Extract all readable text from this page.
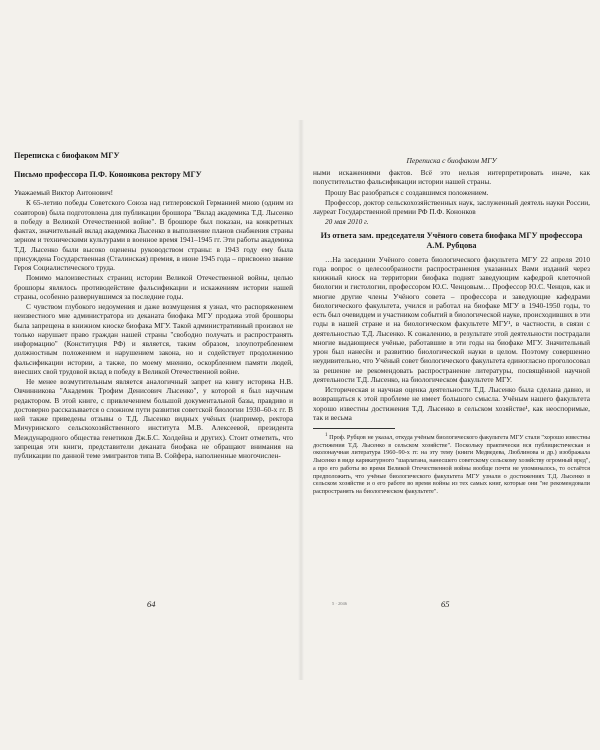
Переписка с биофаком МГУ
Письмо профессора П.Ф. Кононкова ректору МГУ

Уважаемый Виктор Антонович!

К 65-летию победы Советского Союза над гитлеровской Германией мною (одним из соавторов) была подготовлена для публикации брошюра "Вклад академика Т.Д. Лысенко в победу в Великой Отечественной войне". В брошюре был показан, на конкретных фактах, значительный вклад академика Лысенко в выполнение планов снабжения страны зерном и техническими культурами в военное время 1941–1945 гг. Эти работы академика Т.Д. Лысенко были высоко оценены руководством страны: в 1943 году ему была присуждена Государственная (Сталинская) премия, в июне 1945 года – присвоено звание Героя Социалистического труда.

Помимо малоизвестных страниц истории Великой Отечественной войны, целью брошюры являлось противодействие фальсификации и искажениям истории нашей страны, особенно развернувшимся за последние годы.

С чувством глубокого недоумения и даже возмущения я узнал, что распоряжением неизвестного мне администратора из деканата биофака МГУ продажа этой брошюры была запрещена в книжном киоске биофака МГУ. Такой административный произвол не только нарушает право граждан нашей страны "свободно получать и распространять информацию" (Конституция РФ) и является, таким образом, злоупотреблением должностным положением и нарушением закона, но и содействует продолжению фальсификации истории, а также, по моему мнению, оскорблением памяти людей, внесших свой трудовой вклад в победу в Великой Отечественной войне.

Не менее возмутительным является аналогичный запрет на книгу историка Н.В. Овчинникова "Академик Трофим Денисович Лысенко", у которой я был научным редактором. В этой книге, с привлечением большой документальной базы, правдиво и достоверно рассказывается о сложном пути развития советской биологии 1930–60-х гг. В ней также приведены отзывы о Т.Д. Лысенко видных учёных (например, ректора Мичуринского сельскохозяйственного института М.В. Алексеевой, президента Международного общества генетиков Дж.Б.С. Холдейна и других). Стоит отметить, что запрещая эти книги, представители деканата биофака не обращают внимания на публикации по данной теме эмигрантов типа В. Сойфера, наполненные многочислен-

64
Переписка с биофаком МГУ

ными искажениями фактов. Всё это нельзя интерпретировать иначе, как попустительство фальсификации истории нашей страны.

Прошу Вас разобраться с создавшимся положением.

Профессор, доктор сельскохозяйственных наук, заслуженный деятель науки России, лауреат Государственной премии РФ П.Ф. Кононков

20 мая 2010 г.
Из ответа зам. председателя Учёного совета биофака МГУ профессора А.М. Рубцова

…На заседании Учёного совета биологического факультета МГУ 22 апреля 2010 года вопрос о целесообразности распространения указанных Вами изданий через книжный киоск на территории биофака поднят заведующим кафедрой клеточной биологии и гистологии, профессором Ю.С. Ченцовым… Профессор Ю.С. Ченцов, как и многие другие члены Учёного совета – профессора и заведующие кафедрами биологического факультета, учился и работал на биофаке МГУ в 1940-1950 годы, то есть был очевидцем и участником событий в биологической науке, происходивших в эти годы в нашей стране и на биологическом факультете МГУ¹, в частности, в связи с деятельностью Т.Д. Лысенко. К сожалению, в результате этой деятельности пострадали многие выдающиеся учёные, работавшие в эти годы на биофаке МГУ. Значительный урон был нанесён и развитию биологической науки в целом. Поэтому совершенно неудивительно, что Учёный совет биологического факультета единогласно проголосовал за решение не рекомендовать распространение литературы, посвящённой научной деятельности Т.Д. Лысенко, на биологическом факультете МГУ.

Историческая и научная оценка деятельности Т.Д. Лысенко была сделана давно, и возвращаться к этой проблеме не имеет большого смысла. Учёным нашего факультета хорошо известны достижения Т.Д. Лысенко в сельском хозяйстве¹, как неоспоримые, так и весьма

$^1$ Проф. Рубцов не указал, откуда учёным биологического факультета МГУ стали "хорошо известны достижения Т.Д. Лысенко в сельском хозяйстве". Поскольку практически вся публицистическая и околонаучная литература 1960–90-х гг. на эту тему (книги Медведева, Люблинова и др.) изображала Лысенко в виде карикатурного "шарлатана, нанесшего советскому сельскому хозяйству огромный вред", а про его работы во время Великой Отечественной войны вообще почти не упоминалось, то остаётся предположить, что учёные биологического факультета МГУ узнали о достижениях Т.Д. Лысенко в сельском хозяйстве и о его работе во время войны из тех самых книг, которые они "не рекомендовали распространять на биологическом факультете".

5 · 2046	65
